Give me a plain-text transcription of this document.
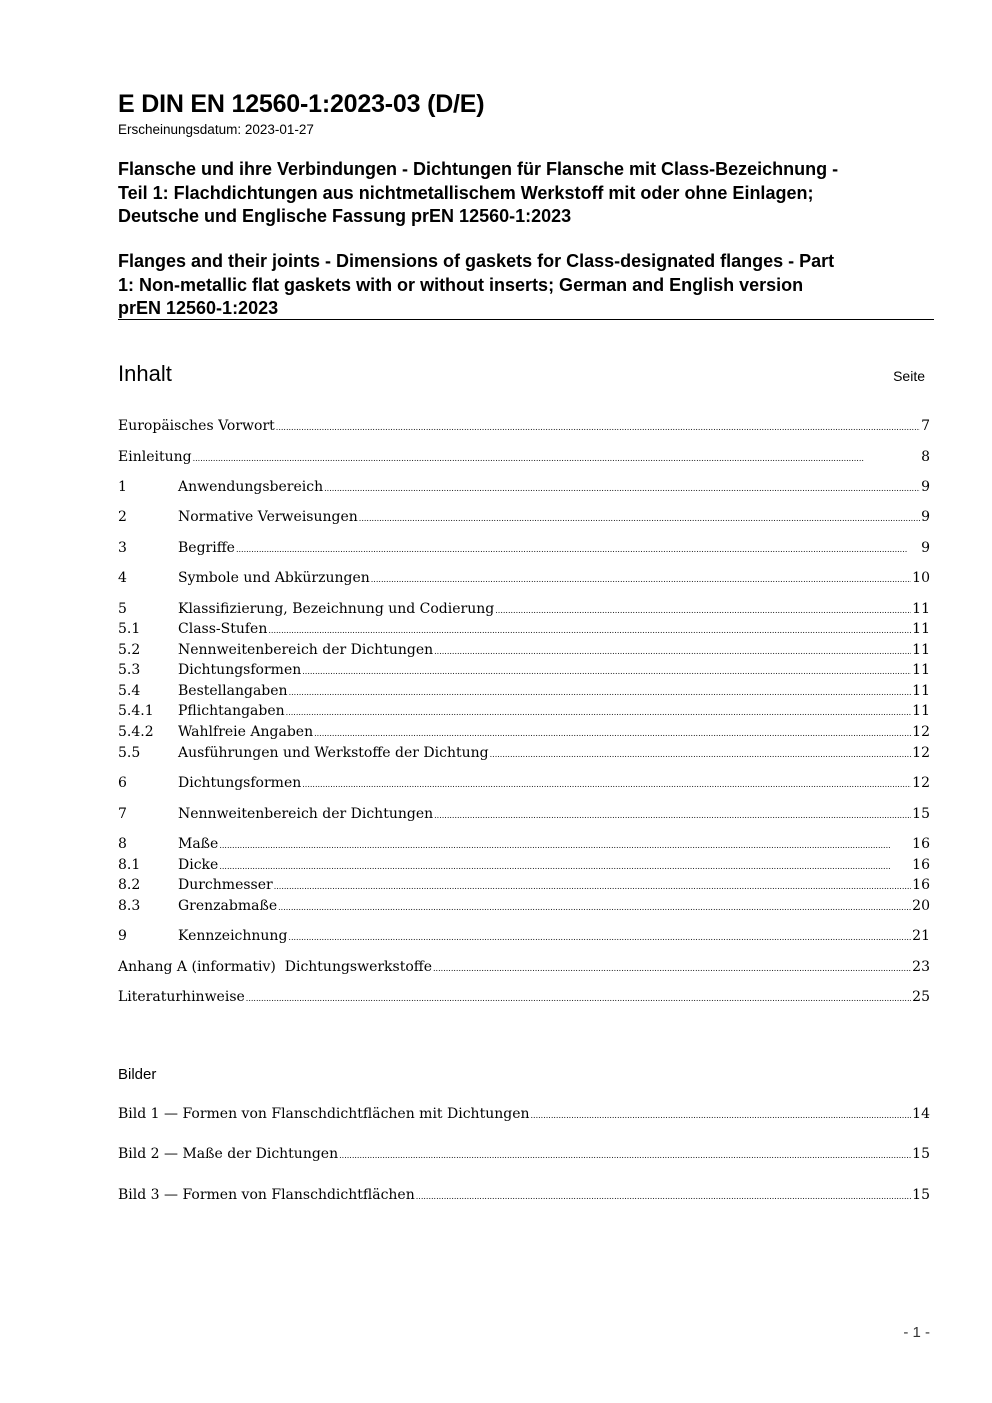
E DIN EN 12560-1:2023-03 (D/E)
Erscheinungsdatum: 2023-01-27
Flansche und ihre Verbindungen - Dichtungen für Flansche mit Class-Bezeichnung -
Teil 1: Flachdichtungen aus nichtmetallischem Werkstoff mit oder ohne Einlagen;
Deutsche und Englische Fassung prEN 12560-1:2023
Flanges and their joints - Dimensions of gaskets for Class-designated flanges - Part
1: Non-metallic flat gaskets with or without inserts; German and English version
prEN 12560-1:2023
Inhalt	Seite
Europäisches Vorwort .....	7
Einleitung .....	8
1	Anwendungsbereich .....	9
2	Normative Verweisungen .....	9
3	Begriffe .....	9
4	Symbole und Abkürzungen .....	10
5	Klassifizierung, Bezeichnung und Codierung .....	11
5.1	Class-Stufen .....	11
5.2	Nennweitenbereich der Dichtungen .....	11
5.3	Dichtungsformen .....	11
5.4	Bestellangaben .....	11
5.4.1	Pflichtangaben .....	11
5.4.2	Wahlfreie Angaben .....	12
5.5	Ausführungen und Werkstoffe der Dichtung .....	12
6	Dichtungsformen .....	12
7	Nennweitenbereich der Dichtungen .....	15
8	Maße .....	16
8.1	Dicke .....	16
8.2	Durchmesser .....	16
8.3	Grenzabmaße .....	20
9	Kennzeichnung .....	21
Anhang A (informativ)  Dichtungswerkstoffe .....	23
Literaturhinweise .....	25
Bilder
Bild 1 — Formen von Flanschdichtflächen mit Dichtungen .....	14
Bild 2 — Maße der Dichtungen .....	15
Bild 3 — Formen von Flanschdichtflächen .....	15
- 1 -
